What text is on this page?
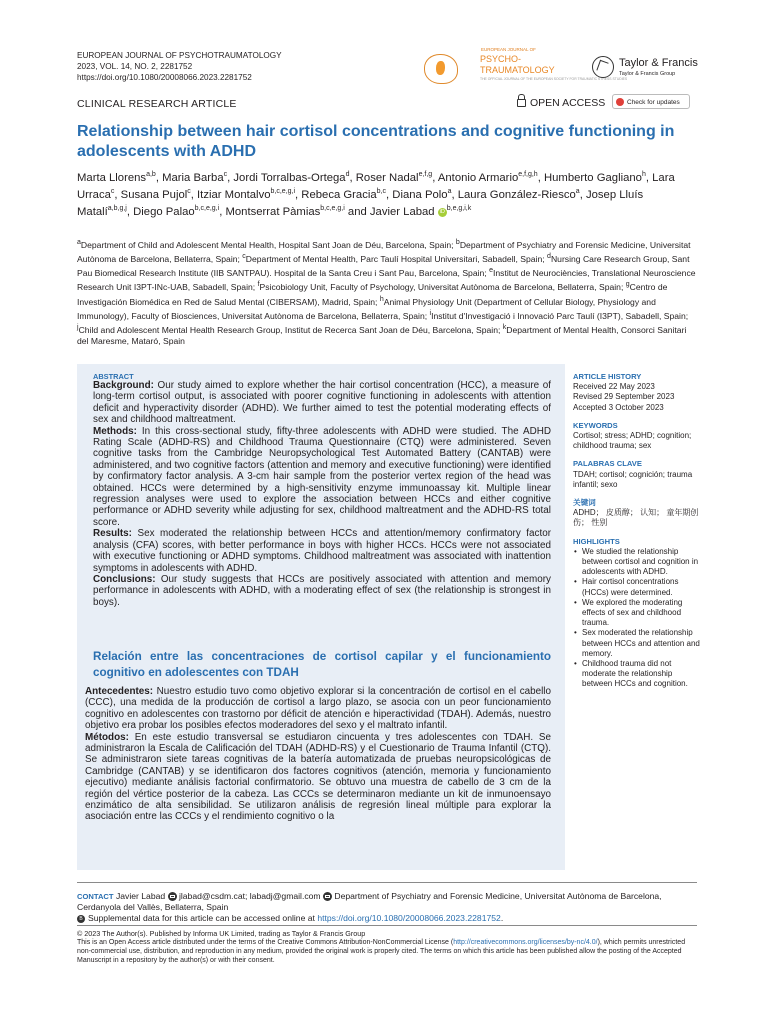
EUROPEAN JOURNAL OF PSYCHOTRAUMATOLOGY
2023, VOL. 14, NO. 2, 2281752
https://doi.org/10.1080/20008066.2023.2281752
EUROPEAN JOURNAL OF
PSYCHO-
TRAUMATOLOGY
THE OFFICIAL JOURNAL OF THE EUROPEAN SOCIETY FOR TRAUMATIC STRESS STUDIES
Taylor & Francis
Taylor & Francis Group
CLINICAL RESEARCH ARTICLE	OPEN ACCESS	Check for updates
Relationship between hair cortisol concentrations and cognitive functioning in adolescents with ADHD
Marta Llorens$^{a,b}$, Maria Barba$^c$, Jordi Torralbas-Ortega$^d$, Roser Nadal$^{e,f,g}$, Antonio Armario$^{e,f,g,h}$, Humberto Gagliano$^h$, Lara Urraca$^c$, Susana Pujol$^c$, Itziar Montalvo$^{b,c,e,g,i}$, Rebeca Gracia$^{b,c}$, Diana Polo$^a$, Laura González-Riesco$^a$, Josep Lluís Matalí$^{a,b,g,j}$, Diego Palao$^{b,c,e,g,i}$, Montserrat Pàmias$^{b,c,e,g,i}$ and Javier Labad iD $^{b,e,g,i,k}$
$^a$Department of Child and Adolescent Mental Health, Hospital Sant Joan de Déu, Barcelona, Spain; $^b$Department of Psychiatry and Forensic Medicine, Universitat Autònoma de Barcelona, Bellaterra, Spain; $^c$Department of Mental Health, Parc Taulí Hospital Universitari, Sabadell, Spain; $^d$Nursing Care Research Group, Sant Pau Biomedical Research Institute (IIB SANTPAU). Hospital de la Santa Creu i Sant Pau, Barcelona, Spain; $^e$Institut de Neurociències, Translational Neuroscience Research Unit I3PT-INc-UAB, Sabadell, Spain; $^f$Psicobiology Unit, Faculty of Psychology, Universitat Autònoma de Barcelona, Bellaterra, Spain; $^g$Centro de Investigación Biomédica en Red de Salud Mental (CIBERSAM), Madrid, Spain; $^h$Animal Physiology Unit (Department of Cellular Biology, Physiology and Immunology), Faculty of Biosciences, Universitat Autònoma de Barcelona, Bellaterra, Spain; $^i$Institut d'Investigació i Innovació Parc Taulí (I3PT), Sabadell, Spain; $^j$Child and Adolescent Mental Health Research Group, Institut de Recerca Sant Joan de Déu, Barcelona, Spain; $^k$Department of Mental Health, Consorci Sanitari del Maresme, Mataró, Spain
ABSTRACT

Background: Our study aimed to explore whether the hair cortisol concentration (HCC), a measure of long-term cortisol output, is associated with poorer cognitive functioning in adolescents with attention deficit and hyperactivity disorder (ADHD). We further aimed to test the potential moderating effects of sex and childhood maltreatment.

Methods: In this cross-sectional study, fifty-three adolescents with ADHD were studied. The ADHD Rating Scale (ADHD-RS) and Childhood Trauma Questionnaire (CTQ) were administered. Seven cognitive tasks from the Cambridge Neuropsychological Test Automated Battery (CANTAB) were administered, and two cognitive factors (attention and memory and executive functioning) were identified by confirmatory factor analysis. A 3-cm hair sample from the posterior vertex region of the head was obtained. HCCs were determined by a high-sensitivity enzyme immunoassay kit. Multiple linear regression analyses were used to explore the association between HCCs and either cognitive performance or ADHD severity while adjusting for sex, childhood maltreatment and the ADHD-RS total score.

Results: Sex moderated the relationship between HCCs and attention/memory confirmatory factor analysis (CFA) scores, with better performance in boys with higher HCCs. HCCs were not associated with executive functioning or ADHD symptoms. Childhood maltreatment was associated with inattention symptoms in adolescents with ADHD.

Conclusions: Our study suggests that HCCs are positively associated with attention and memory performance in adolescents with ADHD, with a moderating effect of sex (the relationship is strongest in boys).

Relación entre las concentraciones de cortisol capilar y el funcionamiento cognitivo en adolescentes con TDAH

Antecedentes: Nuestro estudio tuvo como objetivo explorar si la concentración de cortisol en el cabello (CCC), una medida de la producción de cortisol a largo plazo, se asocia con un peor funcionamiento cognitivo en adolescentes con trastorno por déficit de atención e hiperactividad (TDAH). Además, nuestro objetivo era probar los posibles efectos moderadores del sexo y el maltrato infantil.

Métodos: En este estudio transversal se estudiaron cincuenta y tres adolescentes con TDAH. Se administraron la Escala de Calificación del TDAH (ADHD-RS) y el Cuestionario de Trauma Infantil (CTQ). Se administraron siete tareas cognitivas de la batería automatizada de pruebas neuropsicológicas de Cambridge (CANTAB) y se identificaron dos factores cognitivos (atención, memoria y funcionamiento ejecutivo) mediante análisis factorial confirmatorio. Se obtuvo una muestra de cabello de 3 cm de la región del vértice posterior de la cabeza. Las CCCs se determinaron mediante un kit de inmunoensayo enzimático de alta sensibilidad. Se utilizaron análisis de regresión lineal múltiple para explorar la asociación entre las CCCs y el rendimiento cognitivo o la

ARTICLE HISTORY
Received 22 May 2023
Revised 29 September 2023
Accepted 3 October 2023
KEYWORDS
Cortisol; stress; ADHD; cognition; childhood trauma; sex
PALABRAS CLAVE
TDAH; cortisol; cognición; trauma infantil; sexo
关键词
ADHD； 皮质醇； 认知； 童年期创伤； 性别
HIGHLIGHTS
• We studied the relationship between cortisol and cognition in adolescents with ADHD.
• Hair cortisol concentrations (HCCs) were determined.
• We explored the moderating effects of sex and childhood trauma.
• Sex moderated the relationship between HCCs and attention and memory.
• Childhood trauma did not moderate the relationship between HCCs and cognition.
CONTACT Javier Labad jlabad@csdm.cat; labadj@gmail.com Department of Psychiatry and Forensic Medicine, Universitat Autònoma de Barcelona, Cerdanyola del Vallès, Bellaterra, Spain
B Supplemental data for this article can be accessed online at https://doi.org/10.1080/20008066.2023.2281752.
© 2023 The Author(s). Published by Informa UK Limited, trading as Taylor & Francis Group
This is an Open Access article distributed under the terms of the Creative Commons Attribution-NonCommercial License (http://creativecommons.org/licenses/by-nc/4.0/), which permits unrestricted non-commercial use, distribution, and reproduction in any medium, provided the original work is properly cited. The terms on which this article has been published allow the posting of the Accepted Manuscript in a repository by the author(s) or with their consent.
